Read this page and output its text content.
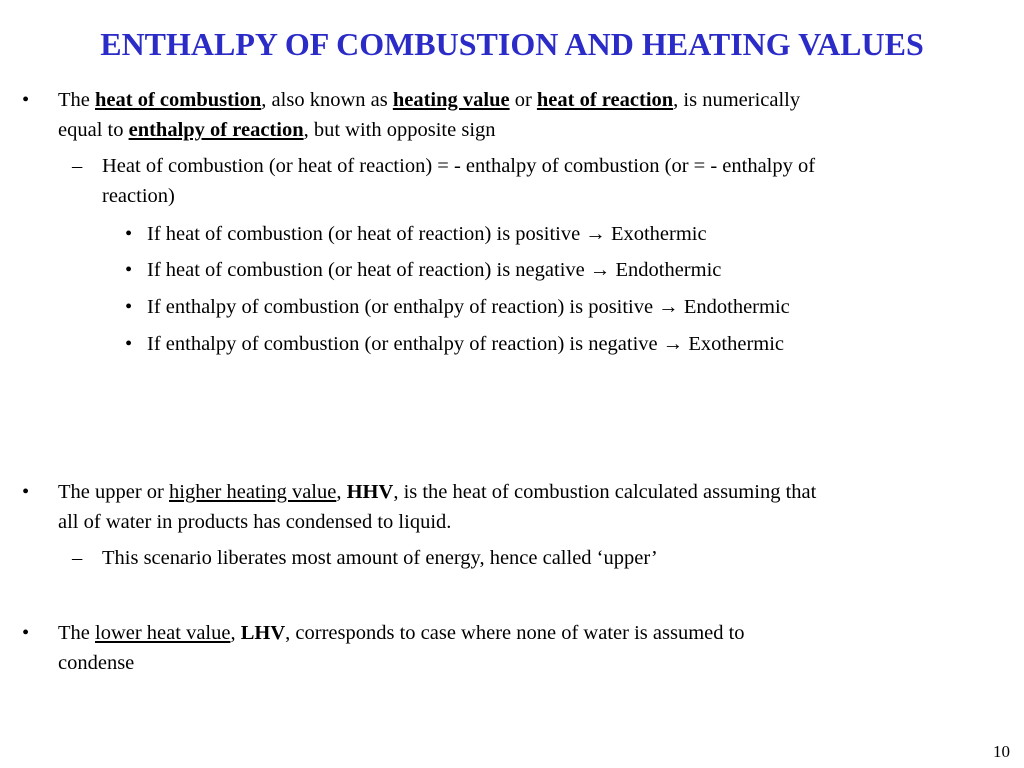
ENTHALPY OF COMBUSTION AND HEATING VALUES
• The heat of combustion, also known as heating value or heat of reaction, is numerically
equal to enthalpy of reaction, but with opposite sign
– Heat of combustion (or heat of reaction) = - enthalpy of combustion (or = - enthalpy of
reaction)
• If heat of combustion (or heat of reaction) is positive → Exothermic
• If heat of combustion (or heat of reaction) is negative → Endothermic
• If enthalpy of combustion (or enthalpy of reaction) is positive → Endothermic
• If enthalpy of combustion (or enthalpy of reaction) is negative → Exothermic
• The upper or higher heating value, HHV, is the heat of combustion calculated assuming that
all of water in products has condensed to liquid.
– This scenario liberates most amount of energy, hence called ‘upper’
• The lower heat value, LHV, corresponds to case where none of water is assumed to
condense
10
